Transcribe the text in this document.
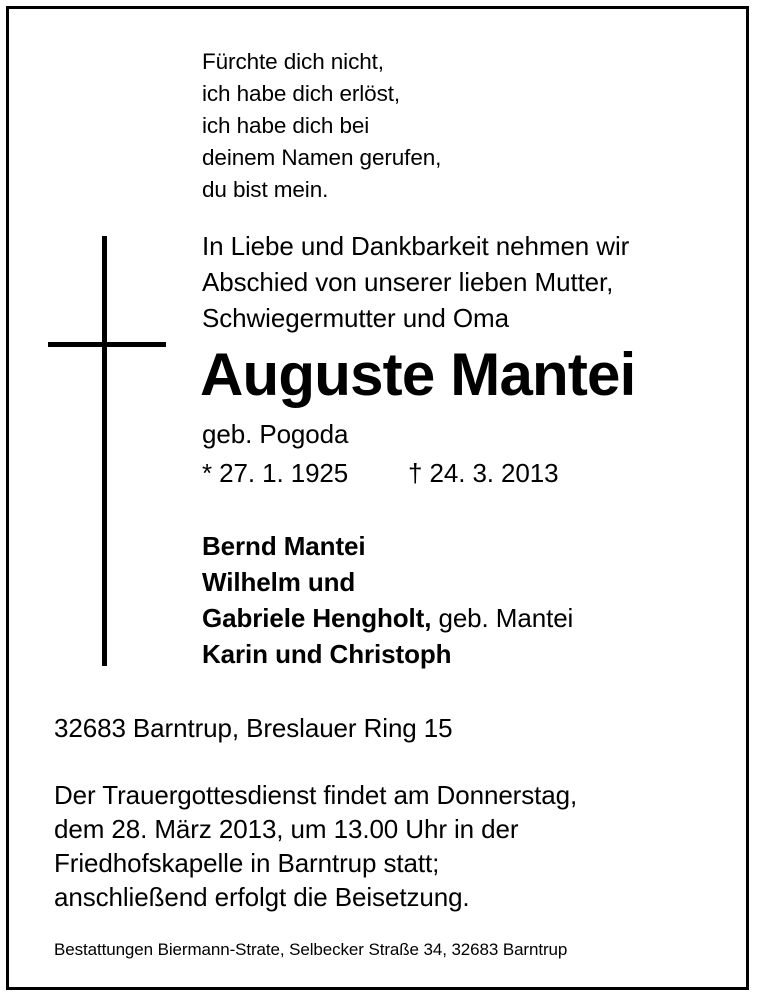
Fürchte dich nicht,
ich habe dich erlöst,
ich habe dich bei
deinem Namen gerufen,
du bist mein.
In Liebe und Dankbarkeit nehmen wir
Abschied von unserer lieben Mutter,
Schwiegermutter und Oma
Auguste Mantei
geb. Pogoda
* 27. 1. 1925 † 24. 3. 2013
Bernd Mantei
Wilhelm und
Gabriele Hengholt, geb. Mantei
Karin und Christoph
32683 Barntrup, Breslauer Ring 15
Der Trauergottesdienst findet am Donnerstag,
dem 28. März 2013, um 13.00 Uhr in der
Friedhofskapelle in Barntrup statt;
anschließend erfolgt die Beisetzung.
Bestattungen Biermann-Strate, Selbecker Straße 34, 32683 Barntrup
